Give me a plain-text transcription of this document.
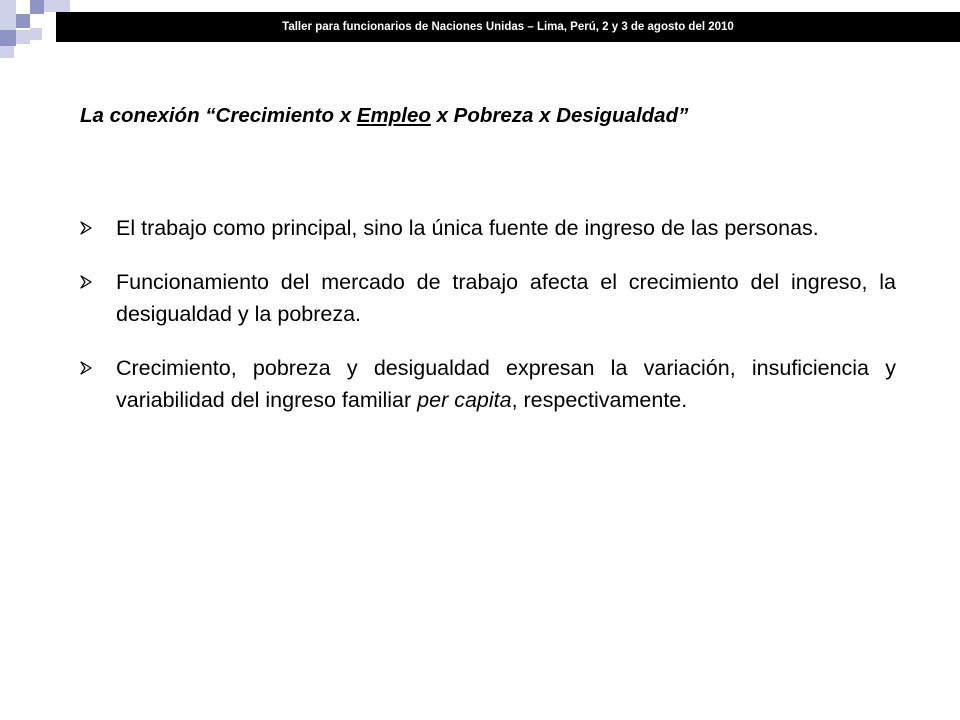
Taller para funcionarios de Naciones Unidas – Lima, Perú, 2 y 3 de agosto del 2010
La conexión “Crecimiento x Empleo x Pobreza x Desigualdad”
El trabajo como principal, sino la única fuente de ingreso de las personas.
Funcionamiento del mercado de trabajo afecta el crecimiento del ingreso, la desigualdad y la pobreza.
Crecimiento, pobreza y desigualdad expresan la variación, insuficiencia y variabilidad del ingreso familiar per capita, respectivamente.
